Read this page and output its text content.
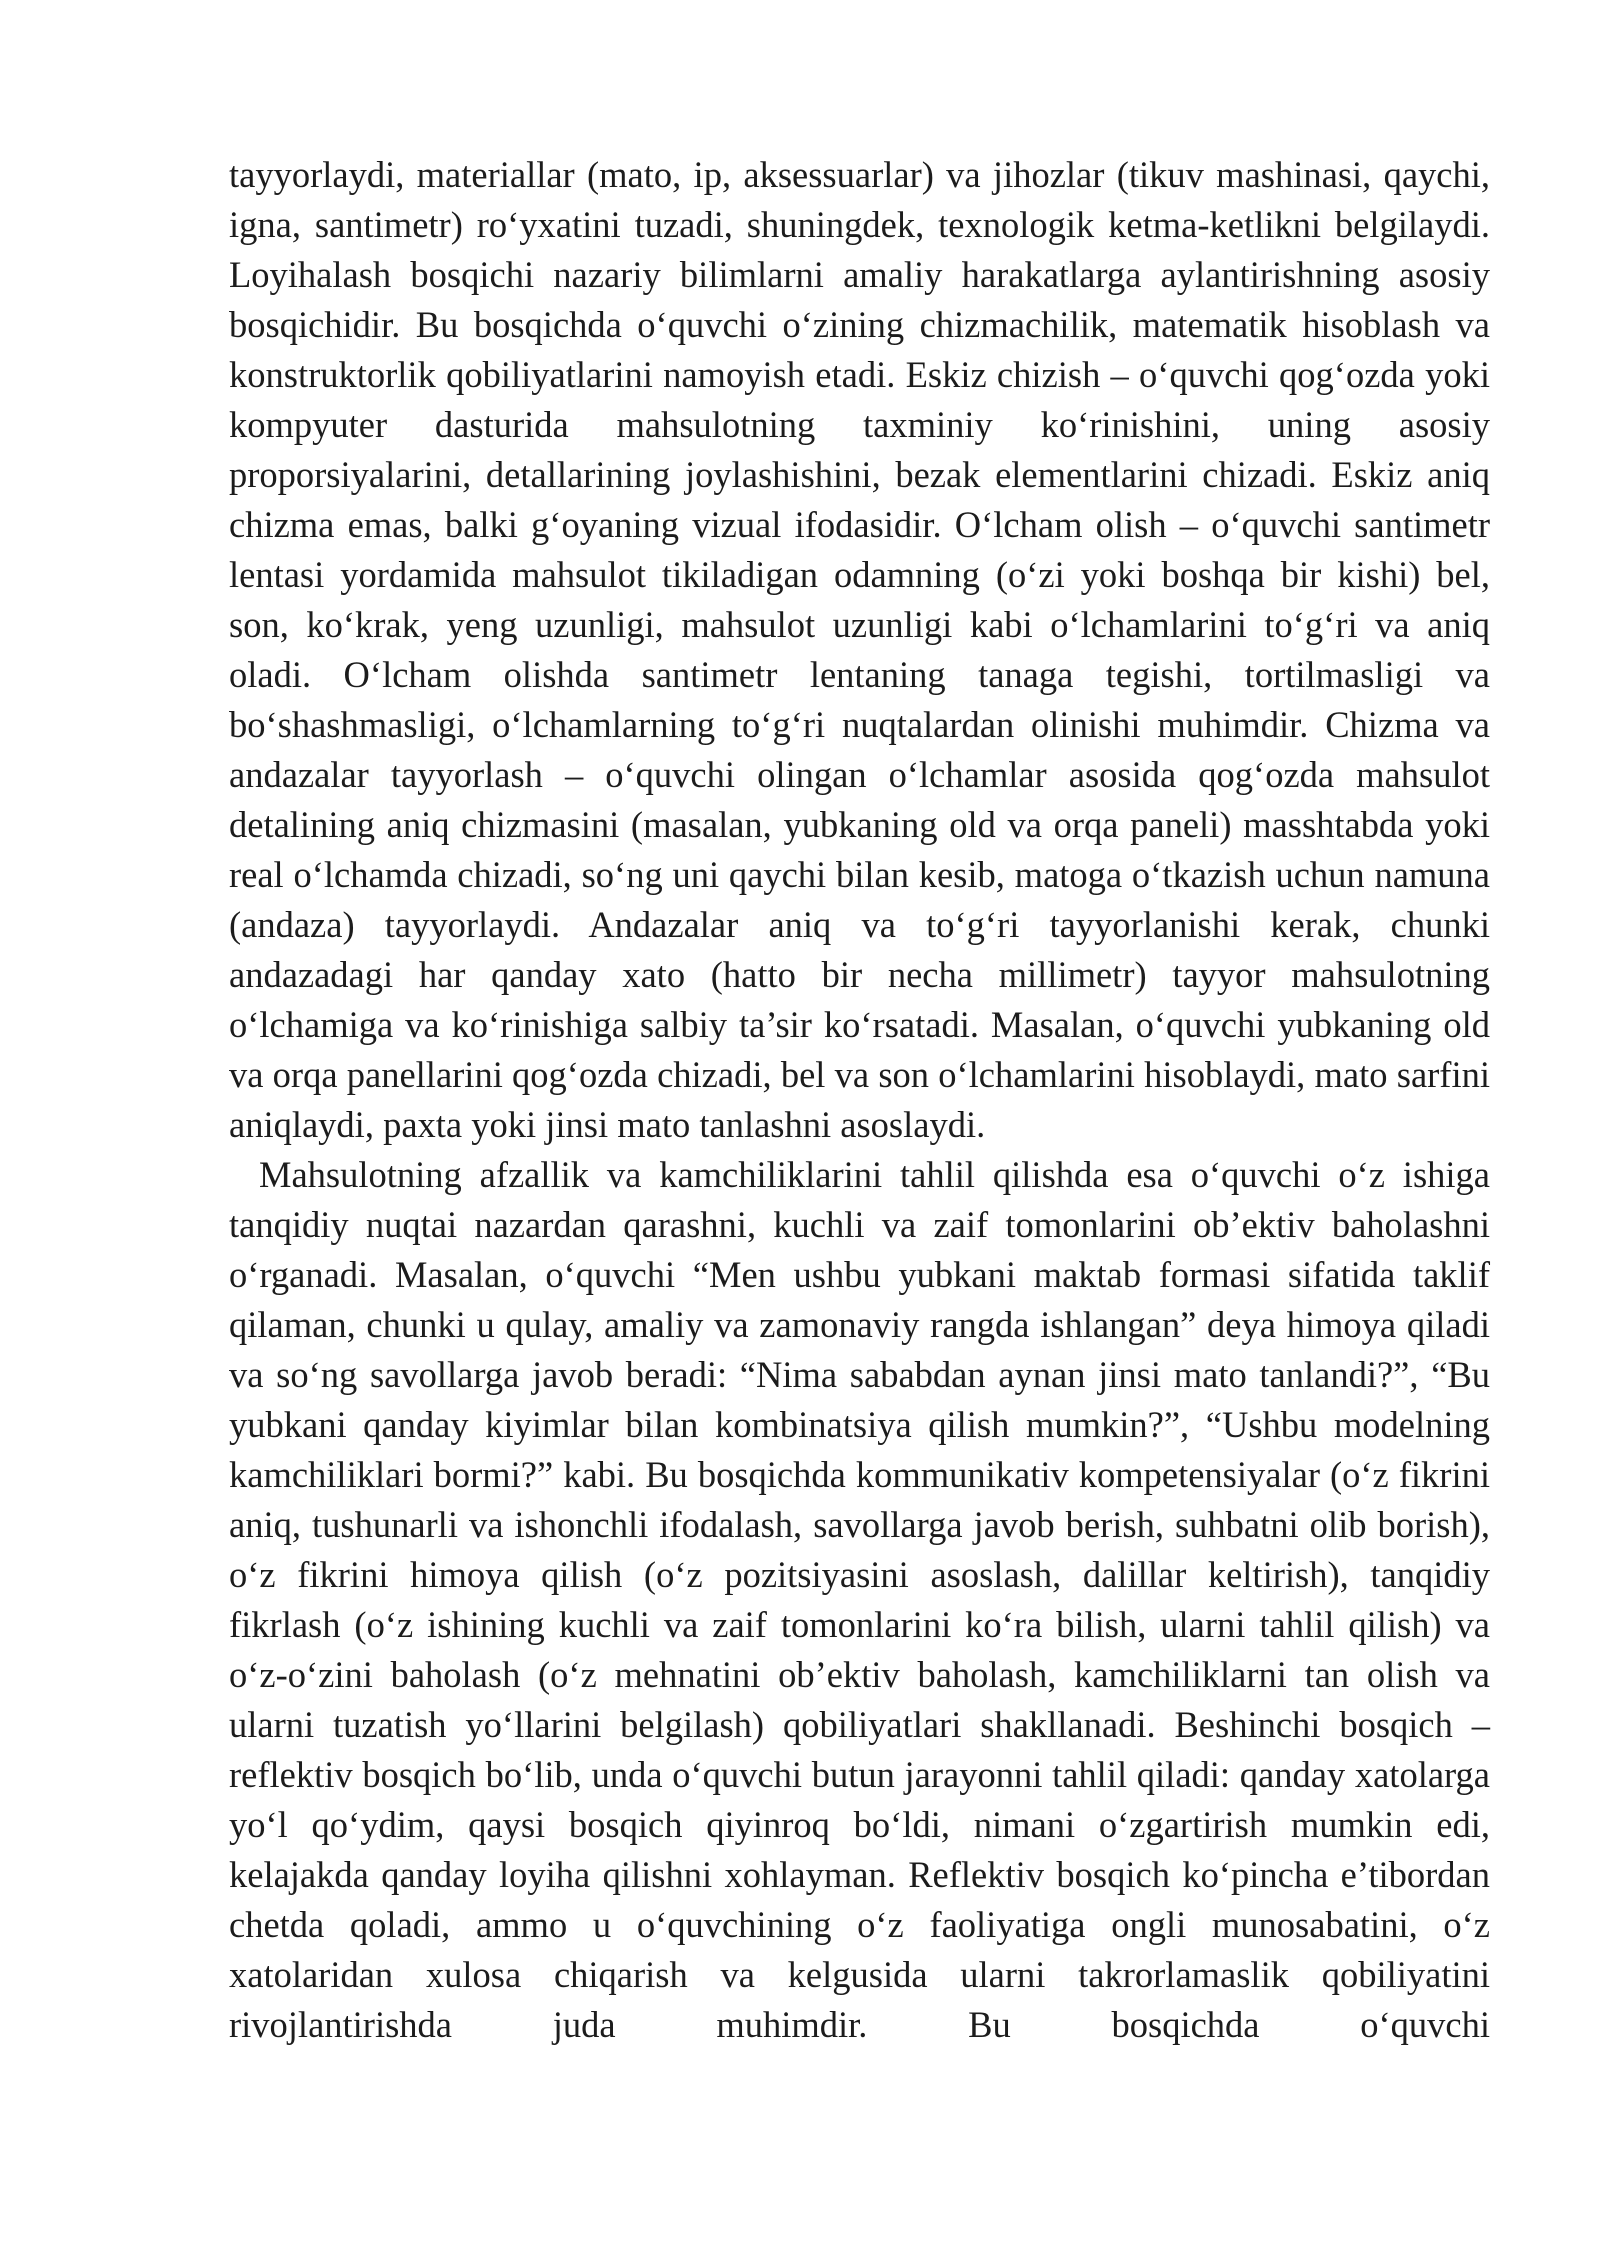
tayyorlaydi, materiallar (mato, ip, aksessuarlar) va jihozlar (tikuv mashinasi, qaychi, igna, santimetr) ro‘yxatini tuzadi, shuningdek, texnologik ketma-ketlikni belgilaydi. Loyihalash bosqichi nazariy bilimlarni amaliy harakatlarga aylantirishning asosiy bosqichidir. Bu bosqichda o‘quvchi o‘zining chizmachilik, matematik hisoblash va konstruktorlik qobiliyatlarini namoyish etadi. Eskiz chizish – o‘quvchi qog‘ozda yoki kompyuter dasturida mahsulotning taxminiy ko‘rinishini, uning asosiy proporsiyalarini, detallarining joylashishini, bezak elementlarini chizadi. Eskiz aniq chizma emas, balki g‘oyaning vizual ifodasidir. O‘lcham olish – o‘quvchi santimetr lentasi yordamida mahsulot tikiladigan odamning (o‘zi yoki boshqa bir kishi) bel, son, ko‘krak, yeng uzunligi, mahsulot uzunligi kabi o‘lchamlarini to‘g‘ri va aniq oladi. O‘lcham olishda santimetr lentaning tanaga tegishi, tortilmasligi va bo‘shashmasligi, o‘lchamlarning to‘g‘ri nuqtalardan olinishi muhimdir. Chizma va andazalar tayyorlash – o‘quvchi olingan o‘lchamlar asosida qog‘ozda mahsulot detalining aniq chizmasini (masalan, yubkaning old va orqa paneli) masshtabda yoki real o‘lchamda chizadi, so‘ng uni qaychi bilan kesib, matoga o‘tkazish uchun namuna (andaza) tayyorlaydi. Andazalar aniq va to‘g‘ri tayyorlanishi kerak, chunki andazadagi har qanday xato (hatto bir necha millimetr) tayyor mahsulotning o‘lchamiga va ko‘rinishiga salbiy ta’sir ko‘rsatadi. Masalan, o‘quvchi yubkaning old va orqa panellarini qog‘ozda chizadi, bel va son o‘lchamlarini hisoblaydi, mato sarfini aniqlaydi, paxta yoki jinsi mato tanlashni asoslaydi.

Mahsulotning afzallik va kamchiliklarini tahlil qilishda esa o‘quvchi o‘z ishiga tanqidiy nuqtai nazardan qarashni, kuchli va zaif tomonlarini ob’ektiv baholashni o‘rganadi. Masalan, o‘quvchi “Men ushbu yubkani maktab formasi sifatida taklif qilaman, chunki u qulay, amaliy va zamonaviy rangda ishlangan” deya himoya qiladi va so‘ng savollarga javob beradi: “Nima sababdan aynan jinsi mato tanlandi?”, “Bu yubkani qanday kiyimlar bilan kombinatsiya qilish mumkin?”, “Ushbu modelning kamchiliklari bormi?” kabi. Bu bosqichda kommunikativ kompetensiyalar (o‘z fikrini aniq, tushunarli va ishonchli ifodalash, savollarga javob berish, suhbatni olib borish), o‘z fikrini himoya qilish (o‘z pozitsiyasini asoslash, dalillar keltirish), tanqidiy fikrlash (o‘z ishining kuchli va zaif tomonlarini ko‘ra bilish, ularni tahlil qilish) va o‘z-o‘zini baholash (o‘z mehnatini ob’ektiv baholash, kamchiliklarni tan olish va ularni tuzatish yo‘llarini belgilash) qobiliyatlari shakllanadi. Beshinchi bosqich – reflektiv bosqich bo‘lib, unda o‘quvchi butun jarayonni tahlil qiladi: qanday xatolarga yo‘l qo‘ydim, qaysi bosqich qiyinroq bo‘ldi, nimani o‘zgartirish mumkin edi, kelajakda qanday loyiha qilishni xohlayman. Reflektiv bosqich ko‘pincha e’tibordan chetda qoladi, ammo u o‘quvchining o‘z faoliyatiga ongli munosabatini, o‘z xatolaridan xulosa chiqarish va kelgusida ularni takrorlamaslik qobiliyatini rivojlantirishda juda muhimdir. Bu bosqichda o‘quvchi
